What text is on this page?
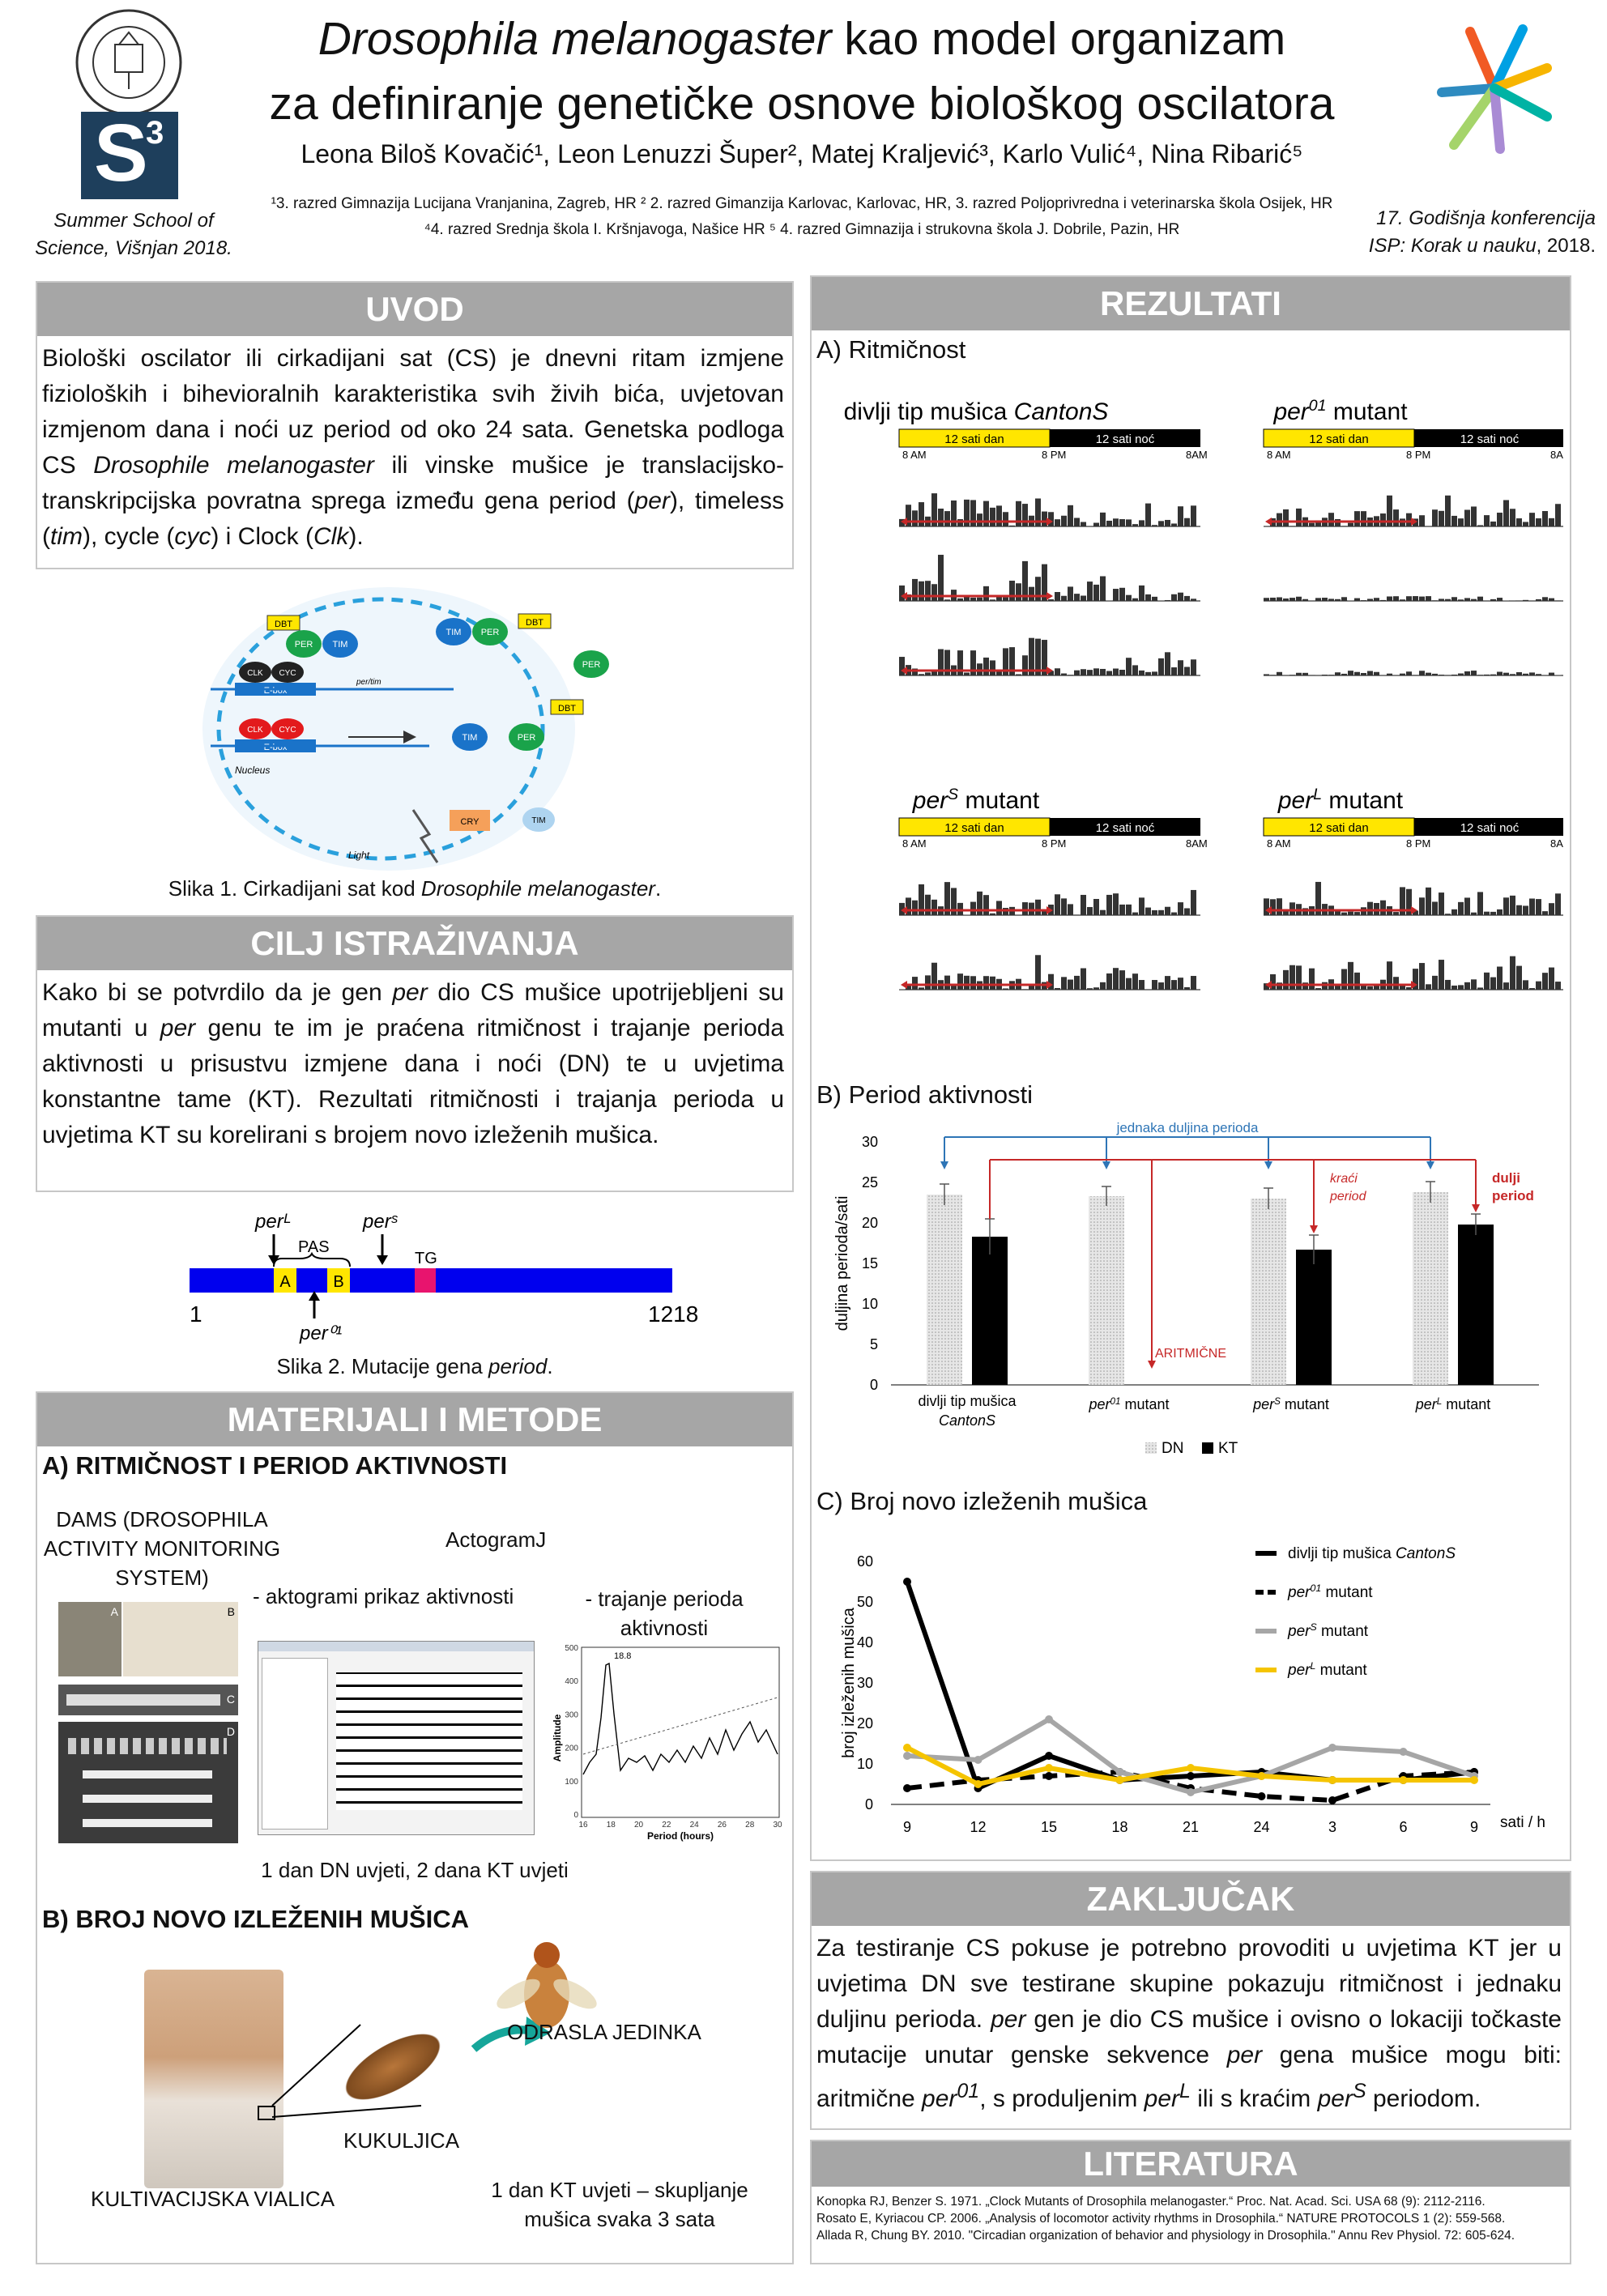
S
3
Summer School of
Science, Višnjan 2018.
Drosophila melanogaster kao model organizam
za definiranje genetičke osnove biološkog oscilatora
Leona Biloš Kovačić¹, Leon Lenuzzi Šuper², Matej Kraljević³, Karlo Vulić⁴, Nina Ribarić⁵
¹3. razred Gimnazija Lucijana Vranjanina, Zagreb, HR ² 2. razred Gimanzija Karlovac, Karlovac, HR, 3. razred Poljoprivredna i veterinarska škola Osijek, HR
⁴4. razred Srednja škola I. Kršnjavoga, Našice HR ⁵ 4. razred Gimnazija i strukovna škola J. Dobrile, Pazin, HR
17. Godišnja konferencija
ISP: Korak u nauku, 2018.
UVOD
Biološki oscilator ili cirkadijani sat (CS) je dnevni ritam izmjene fizioloških i bihevioralnih karakteristika svih živih bića, uvjetovan izmjenom dana i noći uz period od oko 24 sata. Genetska podloga CS Drosophile melanogaster ili vinske mušice je translacijsko-transkripcijska povratna sprega između gena period (per), timeless (tim), cycle (cyc) i Clock (Clk).
DBT
PER TIM
CLK CYC
E-box
per/tim
CLK CYC
E-box
TIM PER
DBT
PER
DBT
TIM	PER
Nucleus
CRY	TIM
Light
Slika 1. Cirkadijani sat kod Drosophile melanogaster.
CILJ ISTRAŽIVANJA
Kako bi se potvrdilo da je gen per dio CS mušice upotrijebljeni su mutanti u per genu te im je praćena ritmičnost i trajanje perioda aktivnosti u prisustvu izmjene dana i noći (DN) te u uvjetima konstantne tame (KT). Rezultati ritmičnosti i trajanja perioda u uvjetima KT su korelirani s brojem novo izleženih mušica.
perᴸ	perˢ
PAS
TG
A	B
1	1218
per⁰¹
Slika 2. Mutacije gena period.
MATERIJALI I METODE
A) RITMIČNOST I PERIOD AKTIVNOSTI
DAMS (DROSOPHILA ACTIVITY MONITORING SYSTEM)
ActogramJ
- aktogrami prikaz aktivnosti	- trajanje perioda aktivnosti
A	B
C
D
500
400
300
200
100
0
16 18 20 22 24 26 28 30
18.8
Amplitude
Period (hours)
1 dan DN uvjeti, 2 dana KT uvjeti
B) BROJ NOVO IZLEŽENIH MUŠICA
ODRASLA JEDINKA
KUKULJICA
KULTIVACIJSKA VIALICA	1 dan KT uvjeti – skupljanje
mušica svaka 3 sata
REZULTATI
A) Ritmičnost
divlji tip mušica CantonS
12 sati dan	12 sati noć
8 AM	8 PM	8AM
per$^{01}$ mutant
12 sati dan	12 sati noć
8 AM	8 PM	8A
per$^S$ mutant
12 sati dan	12 sati noć
8 AM	8 PM	8AM
per$^L$ mutant
12 sati dan	12 sati noć
8 AM	8 PM	8A
B) Period aktivnosti
0
5
10
15
20
25
30
duljina perioda/sati
divlji tip mušica
CantonS
per$^{01}$ mutant	per$^S$ mutant	per$^L$ mutant
jednaka duljina perioda
ARITMIČNE
kraći
period
dulji
period
DN KT
C) Broj novo izleženih mušica
0
10
20
30
40
50
60
9	12	15	18	21	24	3	6	9 sati / h
broj izleženih mušica
divlji tip mušica CantonS
per$^{01}$ mutant
per$^S$ mutant
per$^L$ mutant
ZAKLJUČAK
Za testiranje CS pokuse je potrebno provoditi u uvjetima KT jer u uvjetima DN sve testirane skupine pokazuju ritmičnost i jednaku duljinu perioda. per gen je dio CS mušice i ovisno o lokaciji točkaste mutacije unutar genske sekvence per gena mušice mogu biti: aritmične per$^{01}$, s produljenim per$^L$ ili s kraćim per$^S$ periodom.
LITERATURA
Konopka RJ, Benzer S. 1971. „Clock Mutants of Drosophila melanogaster.“ Proc. Nat. Acad. Sci. USA 68 (9): 2112-2116.
Rosato E, Kyriacou CP. 2006. „Analysis of locomotor activity rhythms in Drosophila.“ NATURE PROTOCOLS 1 (2): 559-568.
Allada R, Chung BY. 2010. "Circadian organization of behavior and physiology in Drosophila." Annu Rev Physiol. 72: 605-624.
